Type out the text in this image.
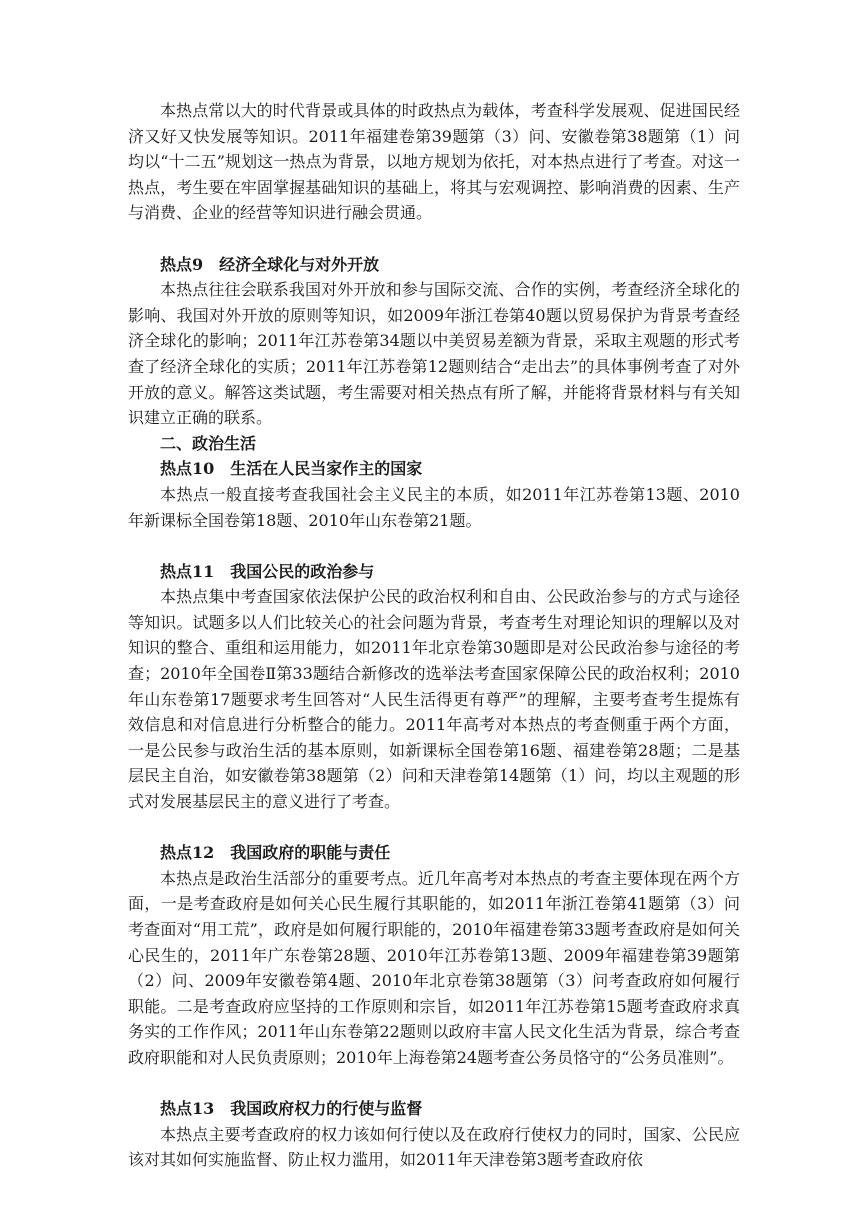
本热点常以大的时代背景或具体的时政热点为载体，考查科学发展观、促进国民经济又好又快发展等知识。2011年福建卷第39题第（3）问、安徽卷第38题第（1）问均以“十二五”规划这一热点为背景，以地方规划为依托，对本热点进行了考查。对这一热点，考生要在牢固掌握基础知识的基础上，将其与宏观调控、影响消费的因素、生产与消费、企业的经营等知识进行融会贯通。

热点9　经济全球化与对外开放

本热点往往会联系我国对外开放和参与国际交流、合作的实例，考查经济全球化的影响、我国对外开放的原则等知识，如2009年浙江卷第40题以贸易保护为背景考查经济全球化的影响；2011年江苏卷第34题以中美贸易差额为背景，采取主观题的形式考查了经济全球化的实质；2011年江苏卷第12题则结合“走出去”的具体事例考查了对外开放的意义。解答这类试题，考生需要对相关热点有所了解，并能将背景材料与有关知识建立正确的联系。

二、政治生活

热点10　生活在人民当家作主的国家

本热点一般直接考查我国社会主义民主的本质，如2011年江苏卷第13题、2010年新课标全国卷第18题、2010年山东卷第21题。

热点11　我国公民的政治参与

本热点集中考查国家依法保护公民的政治权利和自由、公民政治参与的方式与途径等知识。试题多以人们比较关心的社会问题为背景，考查考生对理论知识的理解以及对知识的整合、重组和运用能力，如2011年北京卷第30题即是对公民政治参与途径的考查；2010年全国卷Ⅱ第33题结合新修改的选举法考查国家保障公民的政治权利；2010年山东卷第17题要求考生回答对“人民生活得更有尊严”的理解，主要考查考生提炼有效信息和对信息进行分析整合的能力。2011年高考对本热点的考查侧重于两个方面，一是公民参与政治生活的基本原则，如新课标全国卷第16题、福建卷第28题；二是基层民主自治，如安徽卷第38题第（2）问和天津卷第14题第（1）问，均以主观题的形式对发展基层民主的意义进行了考查。

热点12　我国政府的职能与责任

本热点是政治生活部分的重要考点。近几年高考对本热点的考查主要体现在两个方面，一是考查政府是如何关心民生履行其职能的，如2011年浙江卷第41题第（3）问考查面对“用工荒”，政府是如何履行职能的，2010年福建卷第33题考查政府是如何关心民生的，2011年广东卷第28题、2010年江苏卷第13题、2009年福建卷第39题第（2）问、2009年安徽卷第4题、2010年北京卷第38题第（3）问考查政府如何履行职能。二是考查政府应坚持的工作原则和宗旨，如2011年江苏卷第15题考查政府求真务实的工作作风；2011年山东卷第22题则以政府丰富人民文化生活为背景，综合考查政府职能和对人民负责原则；2010年上海卷第24题考查公务员恪守的“公务员准则”。

热点13　我国政府权力的行使与监督

本热点主要考查政府的权力该如何行使以及在政府行使权力的同时，国家、公民应该对其如何实施监督、防止权力滥用，如2011年天津卷第3题考查政府依
